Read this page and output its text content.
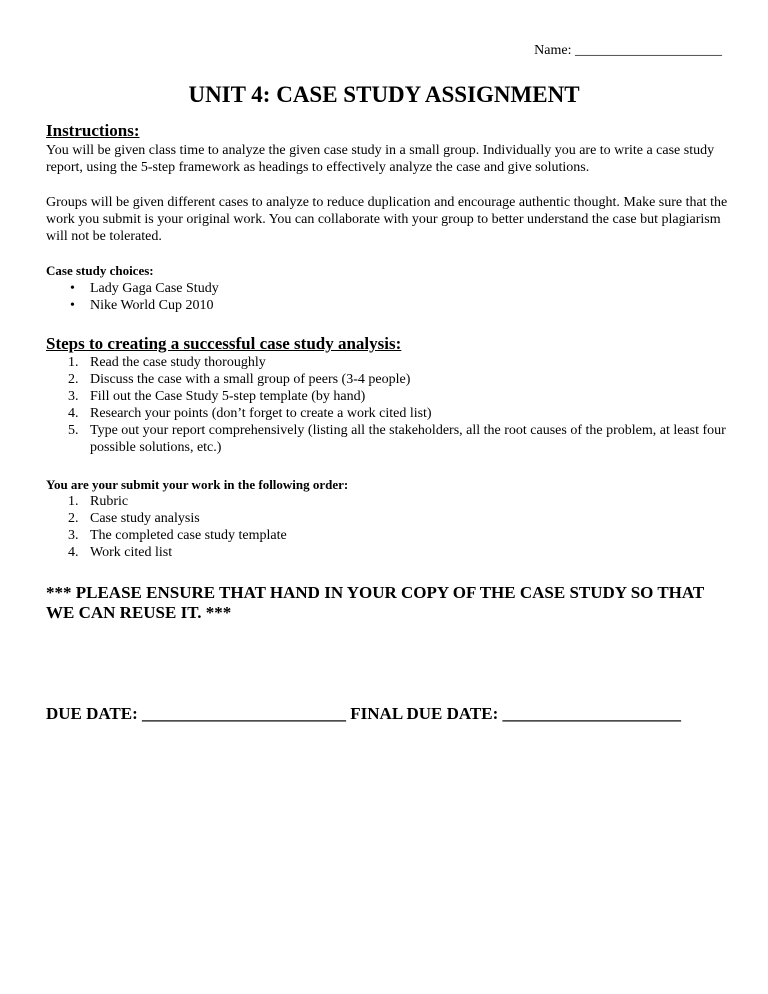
Name: _____________________
UNIT 4: CASE STUDY ASSIGNMENT
Instructions:
You will be given class time to analyze the given case study in a small group. Individually you are to write a case study report, using the 5-step framework as headings to effectively analyze the case and give solutions.
Groups will be given different cases to analyze to reduce duplication and encourage authentic thought. Make sure that the work you submit is your original work. You can collaborate with your group to better understand the case but plagiarism will not be tolerated.
Case study choices:
• Lady Gaga Case Study
• Nike World Cup 2010
Steps to creating a successful case study analysis:
1. Read the case study thoroughly
2. Discuss the case with a small group of peers (3-4 people)
3. Fill out the Case Study 5-step template (by hand)
4. Research your points (don’t forget to create a work cited list)
5. Type out your report comprehensively (listing all the stakeholders, all the root causes of the problem, at least four possible solutions, etc.)
You are your submit your work in the following order:
1. Rubric
2. Case study analysis
3. The completed case study template
4. Work cited list
*** PLEASE ENSURE THAT HAND IN YOUR COPY OF THE CASE STUDY SO THAT WE CAN REUSE IT. ***
DUE DATE: ________________________ FINAL DUE DATE: _____________________
